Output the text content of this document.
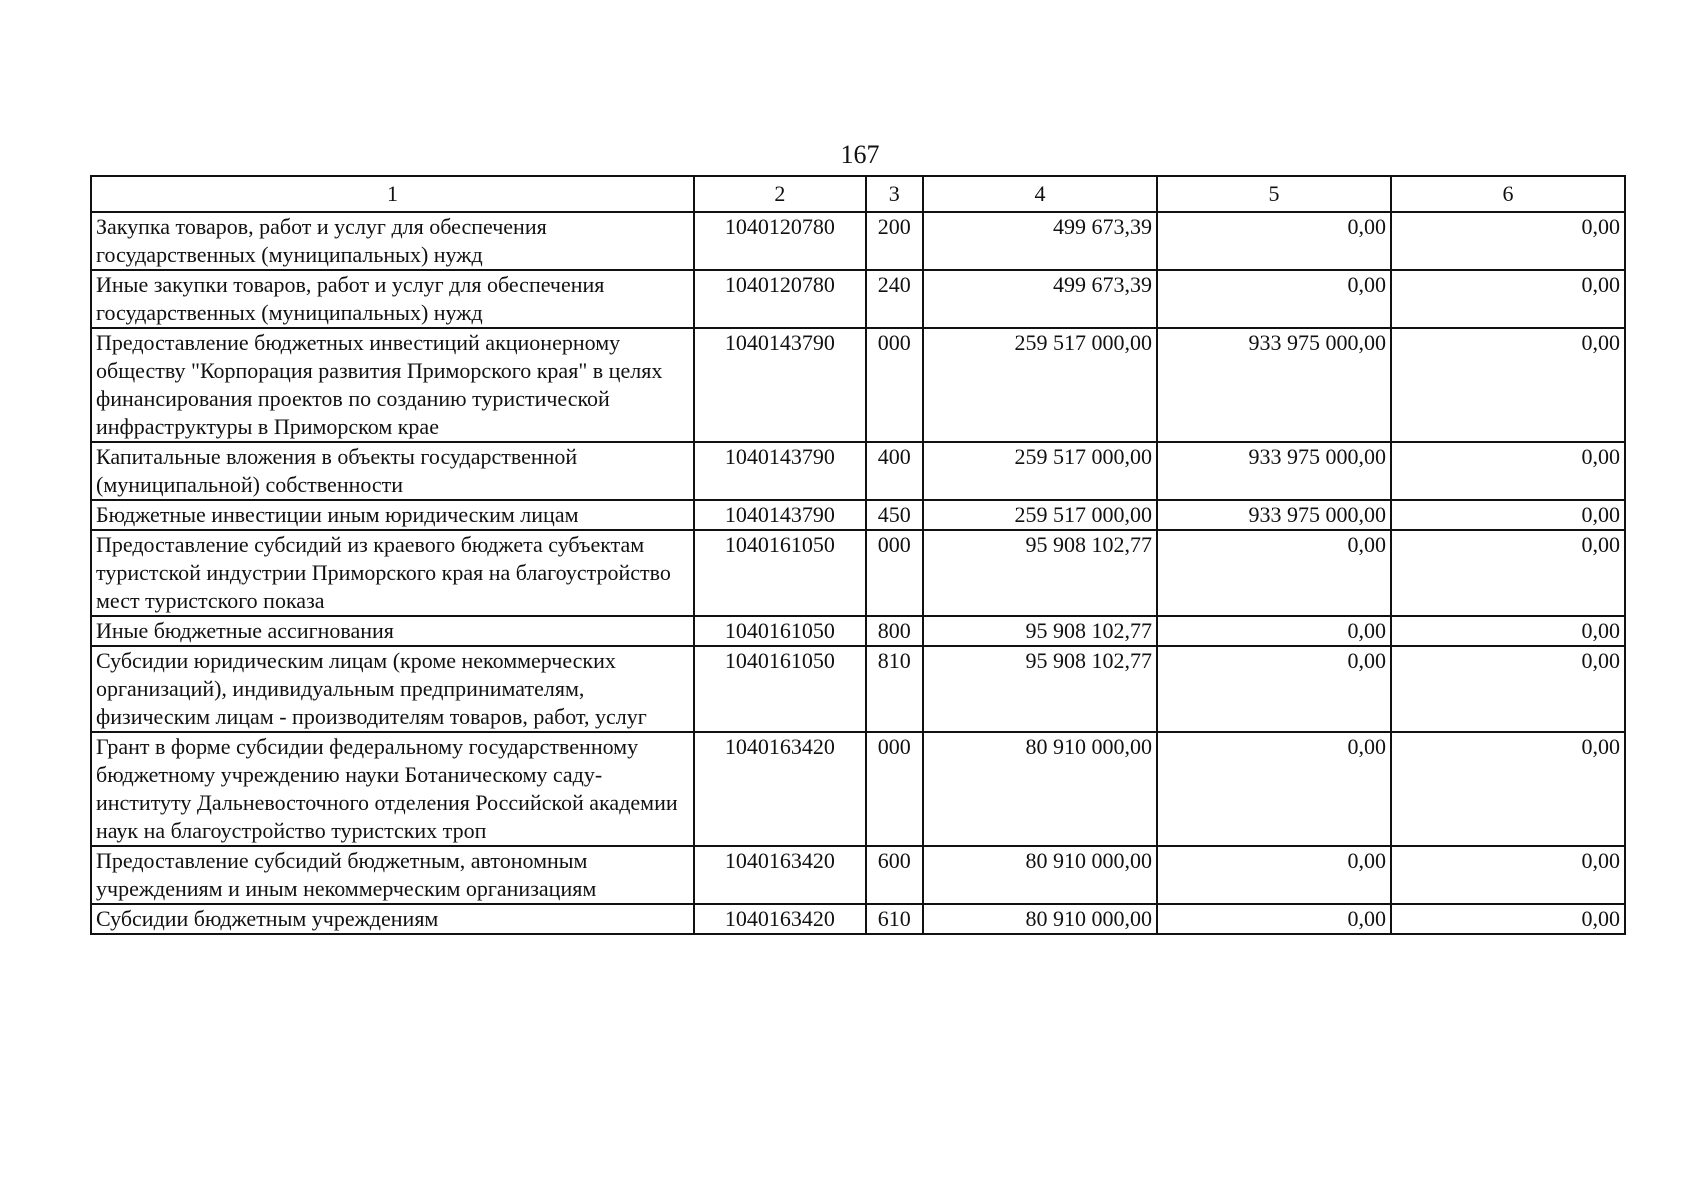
167
1	2	3	4	5	6
Закупка товаров, работ и услуг для обеспечения государственных (муниципальных) нужд	1040120780	200	499 673,39	0,00	0,00
Иные закупки товаров, работ и услуг для обеспечения государственных (муниципальных) нужд	1040120780	240	499 673,39	0,00	0,00
Предоставление бюджетных инвестиций акционерному обществу "Корпорация развития Приморского края" в целях финансирования проектов по созданию туристической инфраструктуры в Приморском крае	1040143790	000	259 517 000,00	933 975 000,00	0,00
Капитальные вложения в объекты государственной (муниципальной) собственности	1040143790	400	259 517 000,00	933 975 000,00	0,00
Бюджетные инвестиции иным юридическим лицам	1040143790	450	259 517 000,00	933 975 000,00	0,00
Предоставление субсидий из краевого бюджета субъектам туристской индустрии Приморского края на благоустройство мест туристского показа	1040161050	000	95 908 102,77	0,00	0,00
Иные бюджетные ассигнования	1040161050	800	95 908 102,77	0,00	0,00
Субсидии юридическим лицам (кроме некоммерческих организаций), индивидуальным предпринимателям, физическим лицам - производителям товаров, работ, услуг	1040161050	810	95 908 102,77	0,00	0,00
Грант в форме субсидии федеральному государственному бюджетному учреждению науки Ботаническому саду-институту Дальневосточного отделения Российской академии наук на благоустройство туристских троп	1040163420	000	80 910 000,00	0,00	0,00
Предоставление субсидий бюджетным, автономным учреждениям и иным некоммерческим организациям	1040163420	600	80 910 000,00	0,00	0,00
Субсидии бюджетным учреждениям	1040163420	610	80 910 000,00	0,00	0,00
